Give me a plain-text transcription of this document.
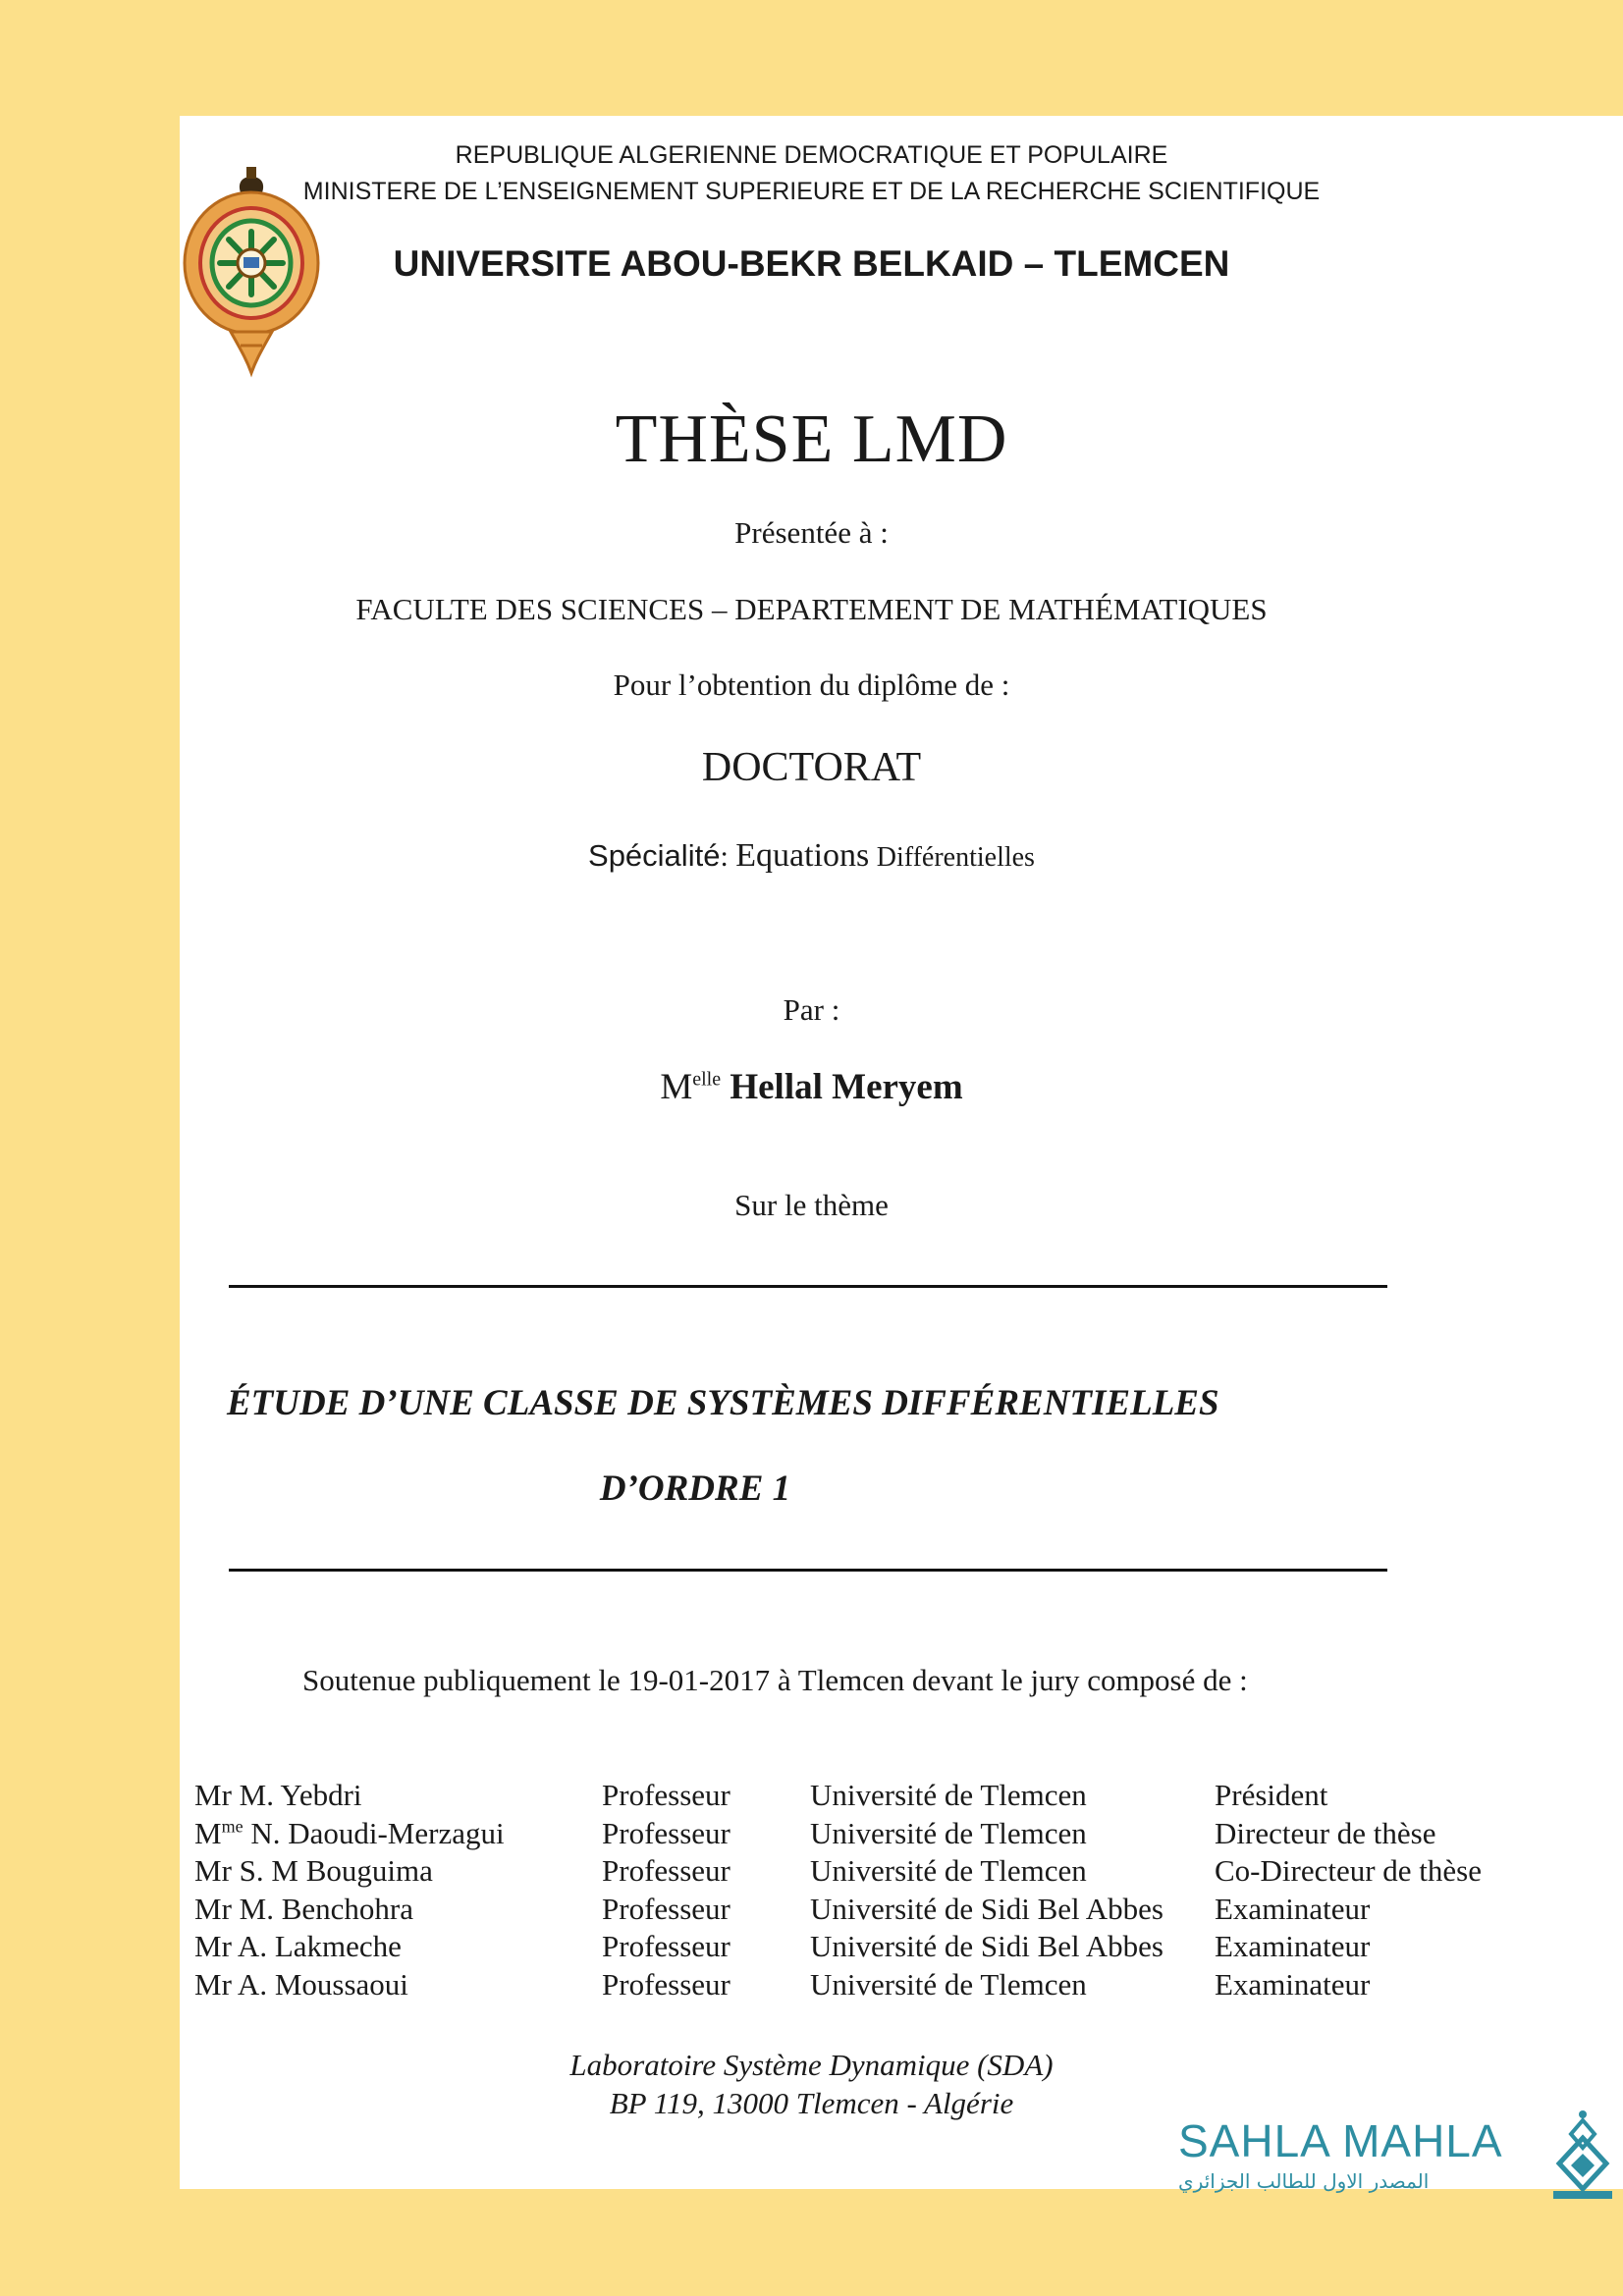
REPUBLIQUE ALGERIENNE DEMOCRATIQUE ET POPULAIRE
MINISTERE DE L’ENSEIGNEMENT SUPERIEURE ET DE LA RECHERCHE SCIENTIFIQUE
UNIVERSITE ABOU-BEKR BELKAID – TLEMCEN
THÈSE LMD
Présentée à :
FACULTE DES SCIENCES – DEPARTEMENT DE MATHÉMATIQUES
Pour l’obtention du diplôme de :
DOCTORAT
Spécialité: Equations Différentielles
Par :
$M^{elle}$ Hellal Meryem
Sur le thème
ÉTUDE D’UNE CLASSE DE SYSTÈMES DIFFÉRENTIELLES
D’ORDRE 1
Soutenue publiquement le 19-01-2017 à Tlemcen devant le jury composé de :
Mr M. Yebdri	Professeur	Université de Tlemcen	Président
$M^{me}$ N. Daoudi-Merzagui	Professeur	Université de Tlemcen	Directeur de thèse
Mr S. M Bouguima	Professeur	Université de Tlemcen	Co-Directeur de thèse
Mr M. Benchohra	Professeur	Université de Sidi Bel Abbes	Examinateur
Mr A. Lakmeche	Professeur	Université de Sidi Bel Abbes	Examinateur
Mr A. Moussaoui	Professeur	Université de Tlemcen	Examinateur
Laboratoire Système Dynamique (SDA)
BP 119, 13000 Tlemcen - Algérie
SAHLA MAHLA
المصدر الاول للطالب الجزائري
